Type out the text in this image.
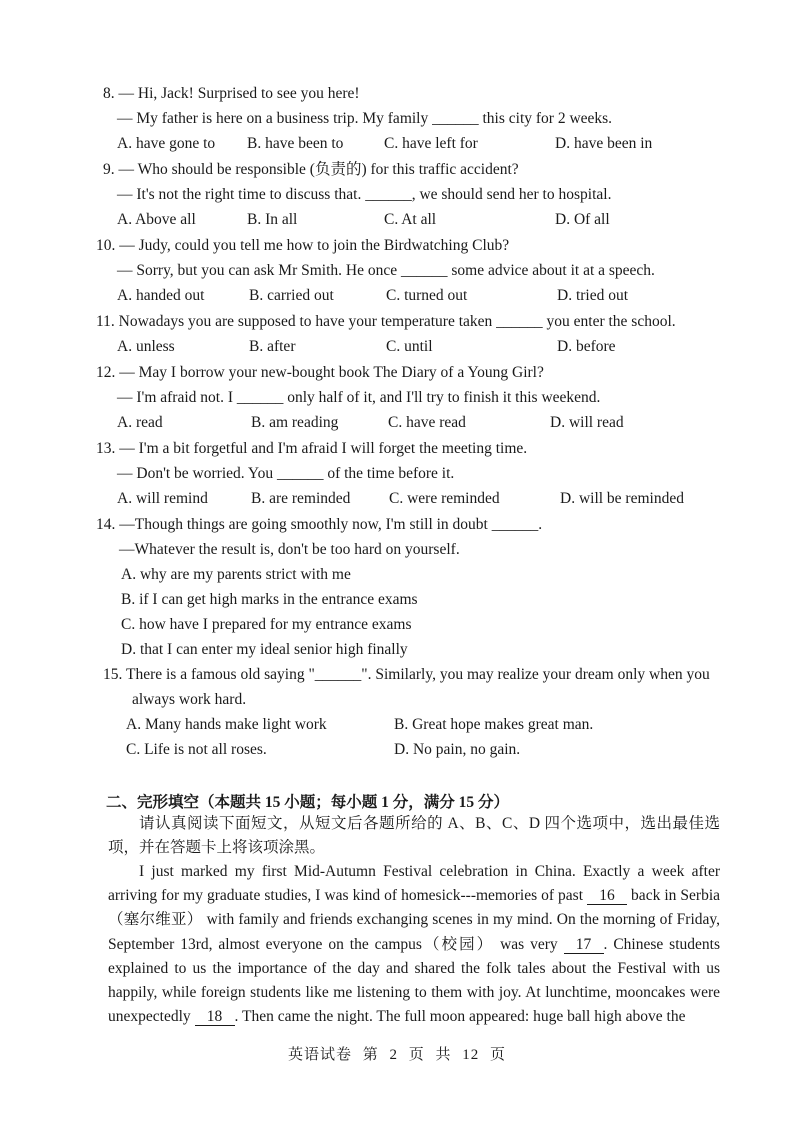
8. — Hi, Jack! Surprised to see you here!
— My father is here on a business trip. My family ______ this city for 2 weeks.
A. have gone to B. have been to	C. have left for	D. have been in
9. — Who should be responsible (负责的) for this traffic accident?
— It's not the right time to discuss that. ______, we should send her to hospital.
A. Above all	B. In all	C. At all	D. Of all
10. — Judy, could you tell me how to join the Birdwatching Club?
— Sorry, but you can ask Mr Smith. He once ______ some advice about it at a speech.
A. handed out	B. carried out	C. turned out	D. tried out
11. Nowadays you are supposed to have your temperature taken ______ you enter the school.
A. unless	B. after	C. until	D. before
12. — May I borrow your new-bought book The Diary of a Young Girl?
— I'm afraid not. I ______ only half of it, and I'll try to finish it this weekend.
A. read	B. am reading	C. have read	D. will read
13. — I'm a bit forgetful and I'm afraid I will forget the meeting time.
— Don't be worried. You ______ of the time before it.
A. will remind	B. are reminded C. were reminded	D. will be reminded
14. —Though things are going smoothly now, I'm still in doubt ______.
—Whatever the result is, don't be too hard on yourself.
A. why are my parents strict with me
B. if I can get high marks in the entrance exams
C. how have I prepared for my entrance exams
D. that I can enter my ideal senior high finally
15. There is a famous old saying "______". Similarly, you may realize your dream only when you
always work hard.
A. Many hands make light work	B. Great hope makes great man.
C. Life is not all roses.	D. No pain, no gain.
二、完形填空（本题共 15 小题；每小题 1 分，满分 15 分）

请认真阅读下面短文，从短文后各题所给的 A、B、C、D 四个选项中，选出最佳选项，并在答题卡上将该项涂黑。

I just marked my first Mid-Autumn Festival celebration in China. Exactly a week after arriving for my graduate studies, I was kind of homesick---memories of past 16 back in Serbia（塞尔维亚） with family and friends exchanging scenes in my mind. On the morning of Friday, September 13rd, almost everyone on the campus（校园） was very 17 . Chinese students explained to us the importance of the day and shared the folk tales about the Festival with us happily, while foreign students like me listening to them with joy. At lunchtime, mooncakes were unexpectedly 18 . Then came the night. The full moon appeared: huge ball high above the

英语试卷 第 2 页 共 12 页
